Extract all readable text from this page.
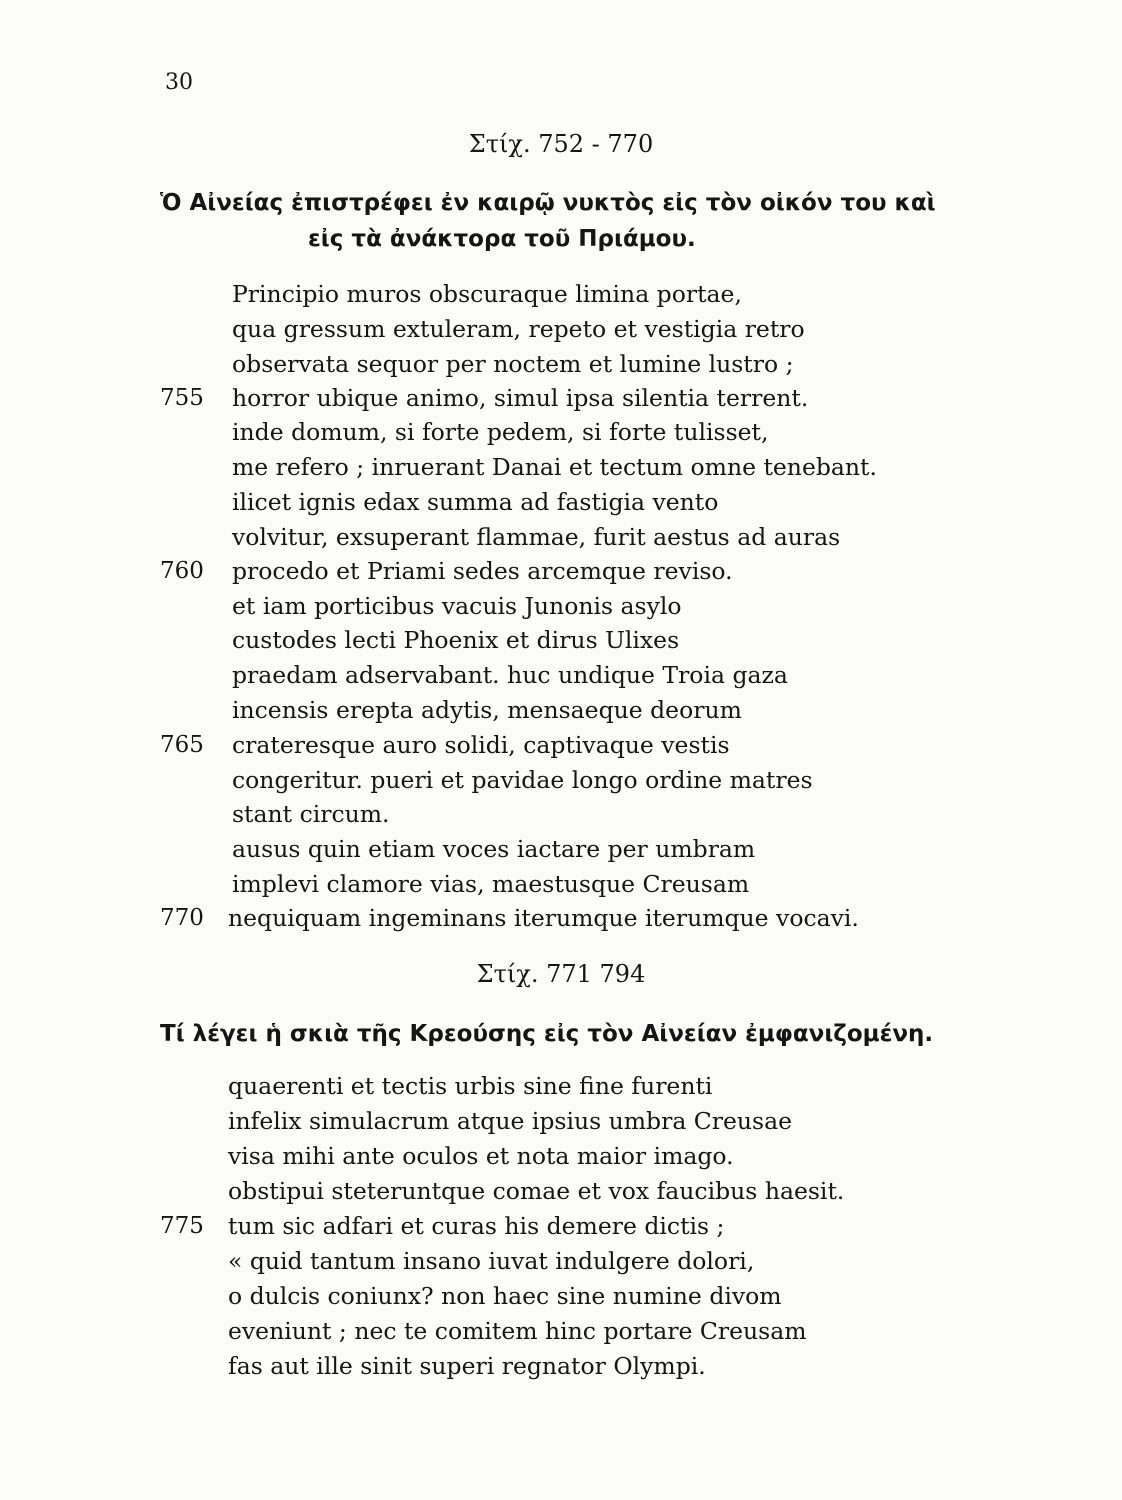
30
Στίχ. 752 - 770
Ὁ Αἰνείας ἐπιστρέφει ἐν καιρῷ νυκτὸς εἰς τὸν οἰκόν του καὶ
εἰς τὰ ἀνάκτορα τοῦ Πριάμου.
Principio muros obscuraque limina portae,
qua gressum extuleram, repeto et vestigia retro
observata sequor per noctem et lumine lustro ;
755	horror ubique animo, simul ipsa silentia terrent.
inde domum, si forte pedem, si forte tulisset,
me refero ; inruerant Danai et tectum omne tenebant.
ilicet ignis edax summa ad fastigia vento
volvitur, exsuperant flammae, furit aestus ad auras
760	procedo et Priami sedes arcemque reviso.
et iam porticibus vacuis Junonis asylo
custodes lecti Phoenix et dirus Ulixes
praedam adservabant. huc undique Troia gaza
incensis erepta adytis, mensaeque deorum
765	crateresque auro solidi, captivaque vestis
congeritur. pueri et pavidae longo ordine matres
stant circum.
ausus quin etiam voces iactare per umbram
implevi clamore vias, maestusque Creusam
770	nequiquam ingeminans iterumque iterumque vocavi.
Στίχ. 771 794
Τί λέγει ἡ σκιὰ τῆς Κρεούσης εἰς τὸν Αἰνείαν ἐμφανιζομένη.
quaerenti et tectis urbis sine fine furenti
infelix simulacrum atque ipsius umbra Creusae
visa mihi ante oculos et nota maior imago.
obstipui steteruntque comae et vox faucibus haesit.
775	tum sic adfari et curas his demere dictis ;
« quid tantum insano iuvat indulgere dolori,
o dulcis coniunx? non haec sine numine divom
eveniunt ; nec te comitem hinc portare Creusam
fas aut ille sinit superi regnator Olympi.
